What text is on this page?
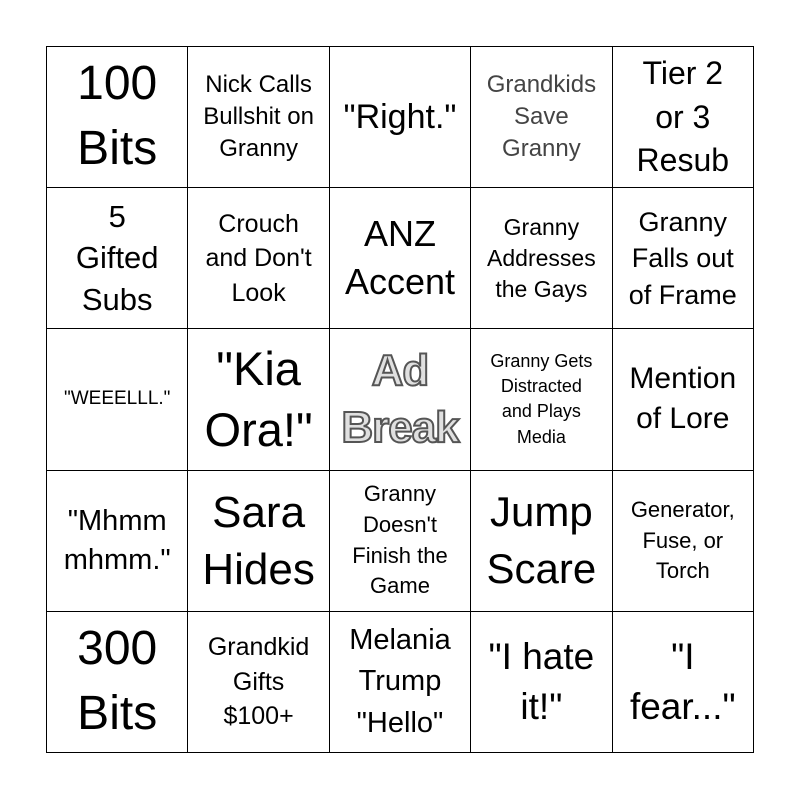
100
Bits
Nick Calls
Bullshit on
Granny
"Right."
Grandkids
Save
Granny
Tier 2
or 3
Resub
5
Gifted
Subs
Crouch
and Don't
Look
ANZ
Accent
Granny
Addresses
the Gays
Granny
Falls out
of Frame
"WEEELLL."
"Kia
Ora!"
Ad
Break
Granny Gets
Distracted
and Plays
Media
Mention
of Lore
"Mhmm
mhmm."
Sara
Hides
Granny
Doesn't
Finish the
Game
Jump
Scare
Generator,
Fuse, or
Torch
300
Bits
Grandkid
Gifts
$100+
Melania
Trump
"Hello"
"I hate
it!"
"I
fear..."
